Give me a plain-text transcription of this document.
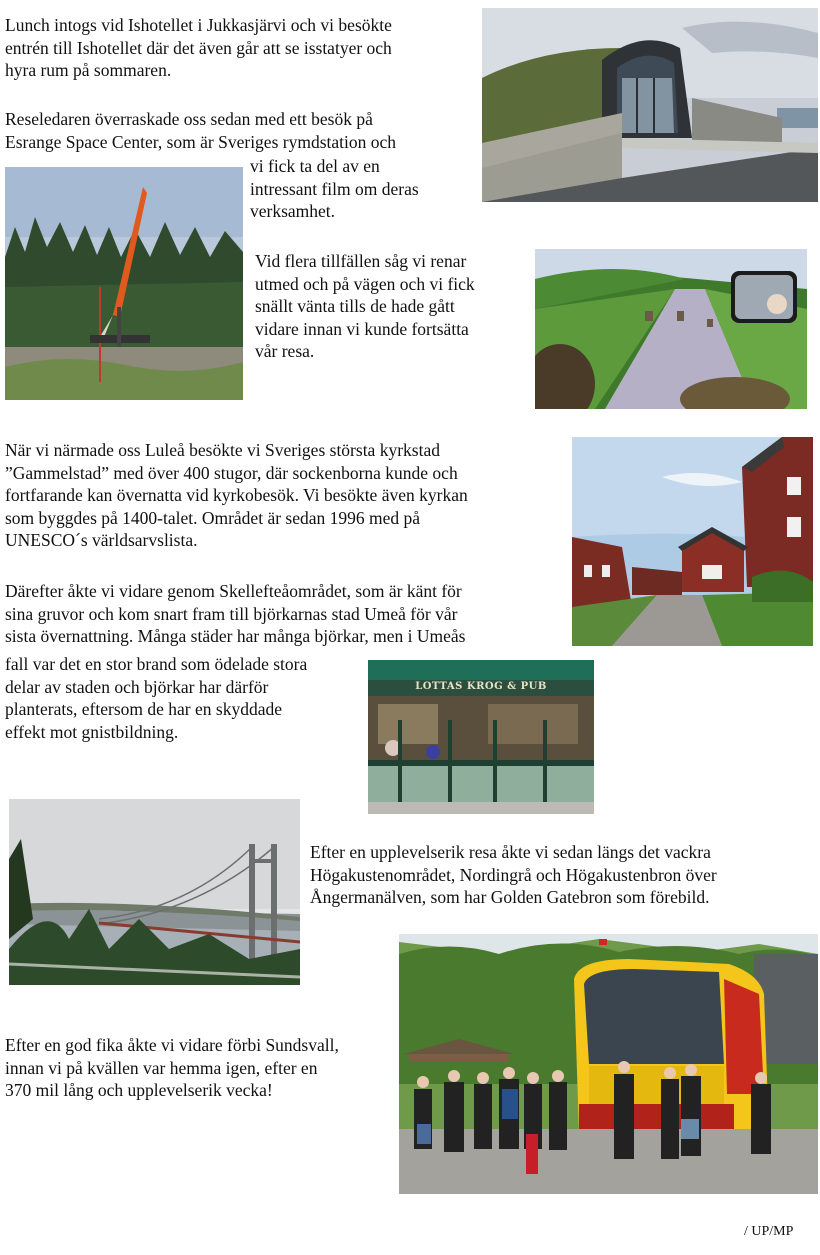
Lunch intogs vid Ishotellet i Jukkasjärvi och vi besökte
entrén till Ishotellet där det även går att se isstatyer och
hyra rum på sommaren.
Reseledaren överraskade oss sedan med ett besök på
Esrange Space Center, som är Sveriges rymdstation och
vi fick ta del av en
intressant film om deras
verksamhet.
Vid flera tillfällen såg vi renar
utmed och på vägen och vi fick
snällt vänta tills de hade gått
vidare innan vi kunde fortsätta
vår resa.
När vi närmade oss Luleå besökte vi Sveriges största kyrkstad
”Gammelstad” med över 400 stugor, där sockenborna kunde och
fortfarande kan övernatta vid kyrkobesök. Vi besökte även kyrkan
som byggdes på 1400-talet. Området är sedan 1996 med på
UNESCO´s världsarvslista.
Därefter åkte vi vidare genom Skellefteåområdet, som är känt för
sina gruvor och kom snart fram till björkarnas stad Umeå för vår
sista övernattning. Många städer har många björkar, men i Umeås
fall var det en stor brand som ödelade stora
delar av staden och björkar har därför
planterats, eftersom de har en skyddade
effekt mot gnistbildning.
Efter en upplevelserik resa åkte vi sedan längs det vackra
Högakustenområdet, Nordingrå och Högakustenbron över
Ångermanälven, som har Golden Gatebron som förebild.
Efter en god fika åkte vi vidare förbi Sundsvall,
innan vi på kvällen var hemma igen, efter en
370 mil lång och upplevelserik vecka!
/ UP/MP
LOTTAS KROG & PUB
